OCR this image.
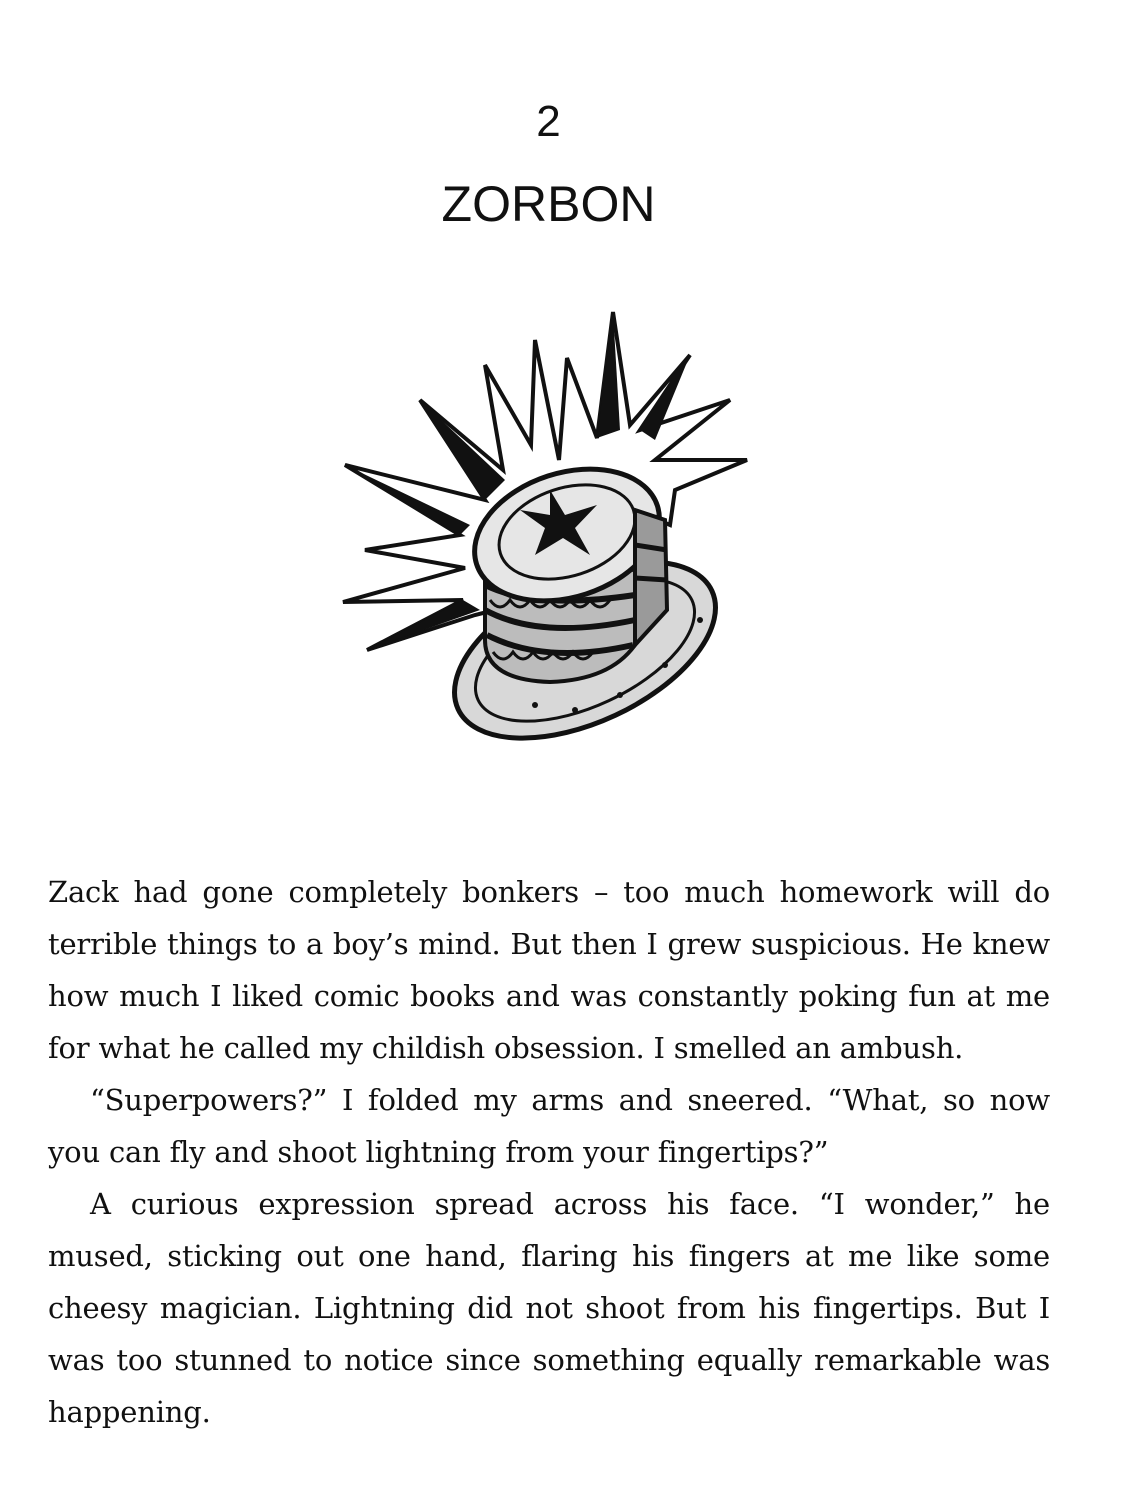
2
ZORBON

Zack had gone completely bonkers – too much homework will do terrible things to a boy’s mind. But then I grew suspicious. He knew how much I liked comic books and was constantly poking fun at me for what he called my childish obsession. I smelled an ambush.

“Superpowers?” I folded my arms and sneered. “What, so now you can fly and shoot lightning from your fingertips?”

A curious expression spread across his face. “I wonder,” he mused, sticking out one hand, flaring his fingers at me like some cheesy magician. Lightning did not shoot from his fingertips. But I was too stunned to notice since something equally remarkable was happening.
